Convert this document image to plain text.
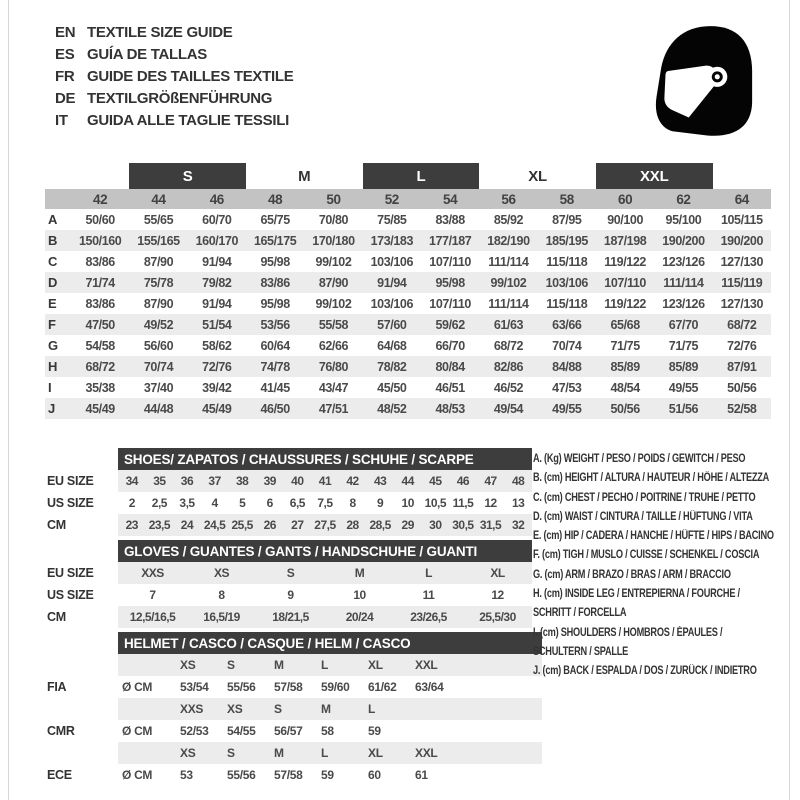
EN TEXTILE SIZE GUIDE
ES GUÍA DE TALLAS
FR GUIDE DES TAILLES TEXTILE
DE TEXTILGRÖßENFÜHRUNG
IT	GUIDA ALLE TAGLIE TESSILI
		S		M		L		XL		XXL		
	42	44	46	48	50	52	54	56	58	60	62	64
A	50/60	55/65	60/70	65/75	70/80	75/85	83/88	85/92	87/95	90/100	95/100	105/115
B	150/160	155/165	160/170	165/175	170/180	173/183	177/187	182/190	185/195	187/198	190/200	190/200
C	83/86	87/90	91/94	95/98	99/102	103/106	107/110	111/114	115/118	119/122	123/126	127/130
D	71/74	75/78	79/82	83/86	87/90	91/94	95/98	99/102	103/106	107/110	111/114	115/119
E	83/86	87/90	91/94	95/98	99/102	103/106	107/110	111/114	115/118	119/122	123/126	127/130
F	47/50	49/52	51/54	53/56	55/58	57/60	59/62	61/63	63/66	65/68	67/70	68/72
G	54/58	56/60	58/62	60/64	62/66	64/68	66/70	68/72	70/74	71/75	71/75	72/76
H	68/72	70/74	72/76	74/78	76/80	78/82	80/84	82/86	84/88	85/89	85/89	87/91
I	35/38	37/40	39/42	41/45	43/47	45/50	46/51	46/52	47/53	48/54	49/55	50/56
J	45/49	44/48	45/49	46/50	47/51	48/52	48/53	49/54	49/55	50/56	51/56	52/58
	SHOES/ ZAPATOS / CHAUSSURES / SCHUHE / SCARPE														
EU SIZE	34	35	36	37	38	39	40	41	42	43	44	45	46	47	48
US SIZE	2	2,5	3,5	4	5	6	6,5	7,5	8	9	10	10,5	11,5	12	13
CM	23	23,5	24	24,5	25,5	26	27	27,5	28	28,5	29	30	30,5	31,5	32
	GLOVES / GUANTES / GANTS / HANDSCHUHE / GUANTI					
EU SIZE	XXS	XS	S	M	L	XL
US SIZE	7	8	9	10	11	12
CM	12,5/16,5	16,5/19	18/21,5	20/24	23/26,5	25,5/30
	HELMET / CASCO / CASQUE / HELM / CASCO						
		XS	S	M	L	XL	XXL
FIA	Ø CM	53/54	55/56	57/58	59/60	61/62	63/64
		XXS	XS	S	M	L	
CMR	Ø CM	52/53	54/55	56/57	58	59	
		XS	S	M	L	XL	XXL
ECE	Ø CM	53	55/56	57/58	59	60	61
A. (Kg) WEIGHT / PESO / POIDS / GEWITCH / PESO
B. (cm) HEIGHT / ALTURA / HAUTEUR / HÖHE / ALTEZZA
C. (cm) CHEST / PECHO / POITRINE / TRUHE / PETTO
D. (cm) WAIST / CINTURA / TAILLE / HÜFTUNG / VITA
E. (cm) HIP / CADERA / HANCHE / HÜFTE / HIPS / BACINO
F. (cm) TIGH / MUSLO / CUISSE / SCHENKEL / COSCIA
G. (cm) ARM / BRAZO / BRAS / ARM / BRACCIO
H. (cm) INSIDE LEG / ENTREPIERNA / FOURCHE /
SCHRITT / FORCELLA
I. (cm) SHOULDERS / HOMBROS / ÉPAULES /
SCHULTERN / SPALLE
J. (cm) BACK / ESPALDA / DOS / ZURÜCK / INDIETRO
